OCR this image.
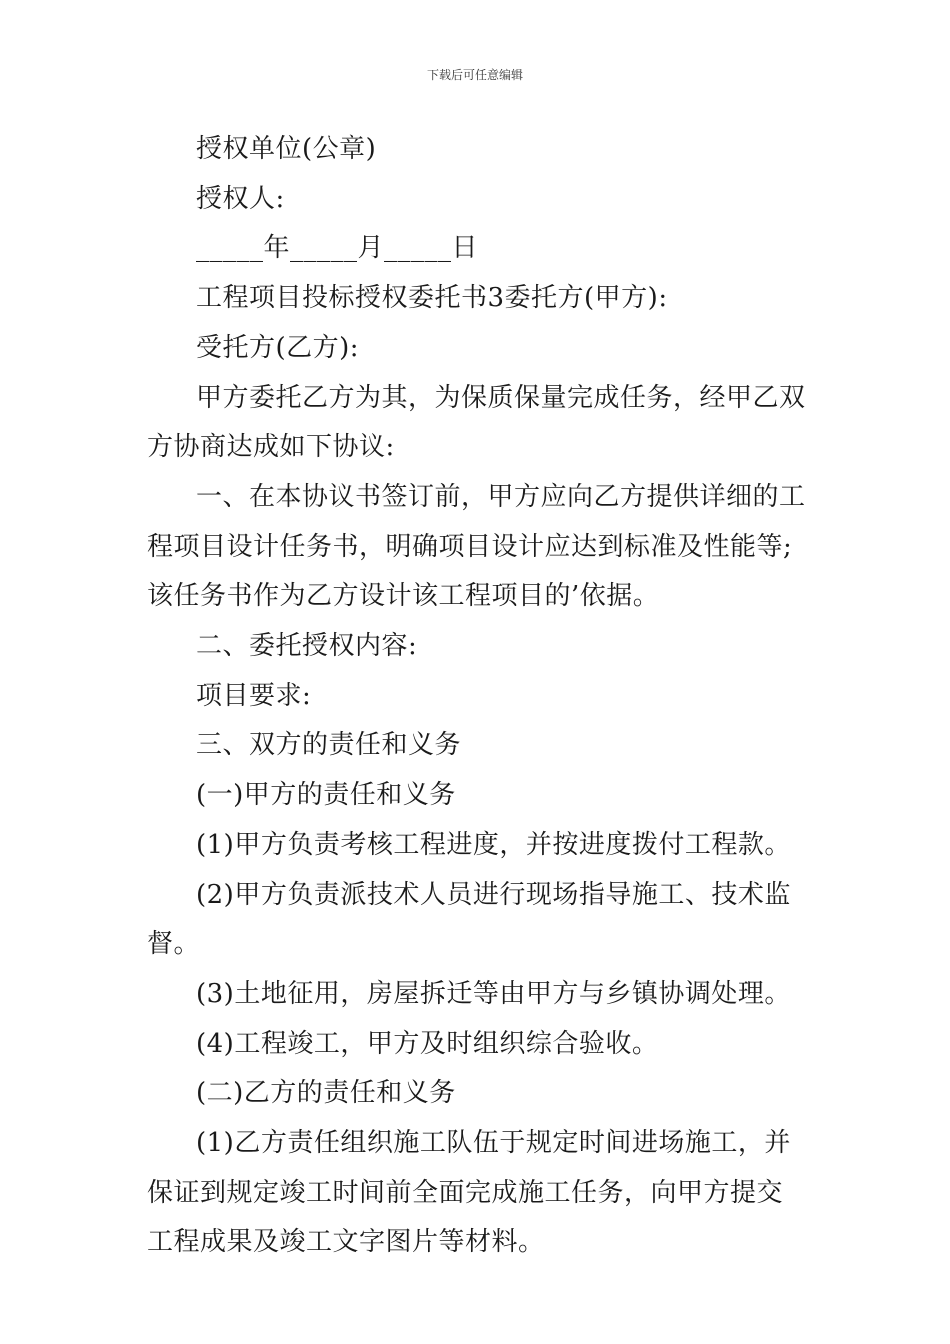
下载后可任意编辑

授权单位(公章)

授权人:

_____年_____月_____日

工程项目投标授权委托书3委托方(甲方):

受托方(乙方):

甲方委托乙方为其，为保质保量完成任务，经甲乙双方协商达成如下协议:

一、在本协议书签订前，甲方应向乙方提供详细的工程项目设计任务书，明确项目设计应达到标准及性能等;该任务书作为乙方设计该工程项目的’依据。

二、委托授权内容:

项目要求:

三、双方的责任和义务

(一)甲方的责任和义务

(1)甲方负责考核工程进度，并按进度拨付工程款。

(2)甲方负责派技术人员进行现场指导施工、技术监督。

(3)土地征用，房屋拆迁等由甲方与乡镇协调处理。

(4)工程竣工，甲方及时组织综合验收。

(二)乙方的责任和义务

(1)乙方责任组织施工队伍于规定时间进场施工，并保证到规定竣工时间前全面完成施工任务，向甲方提交工程成果及竣工文字图片等材料。
